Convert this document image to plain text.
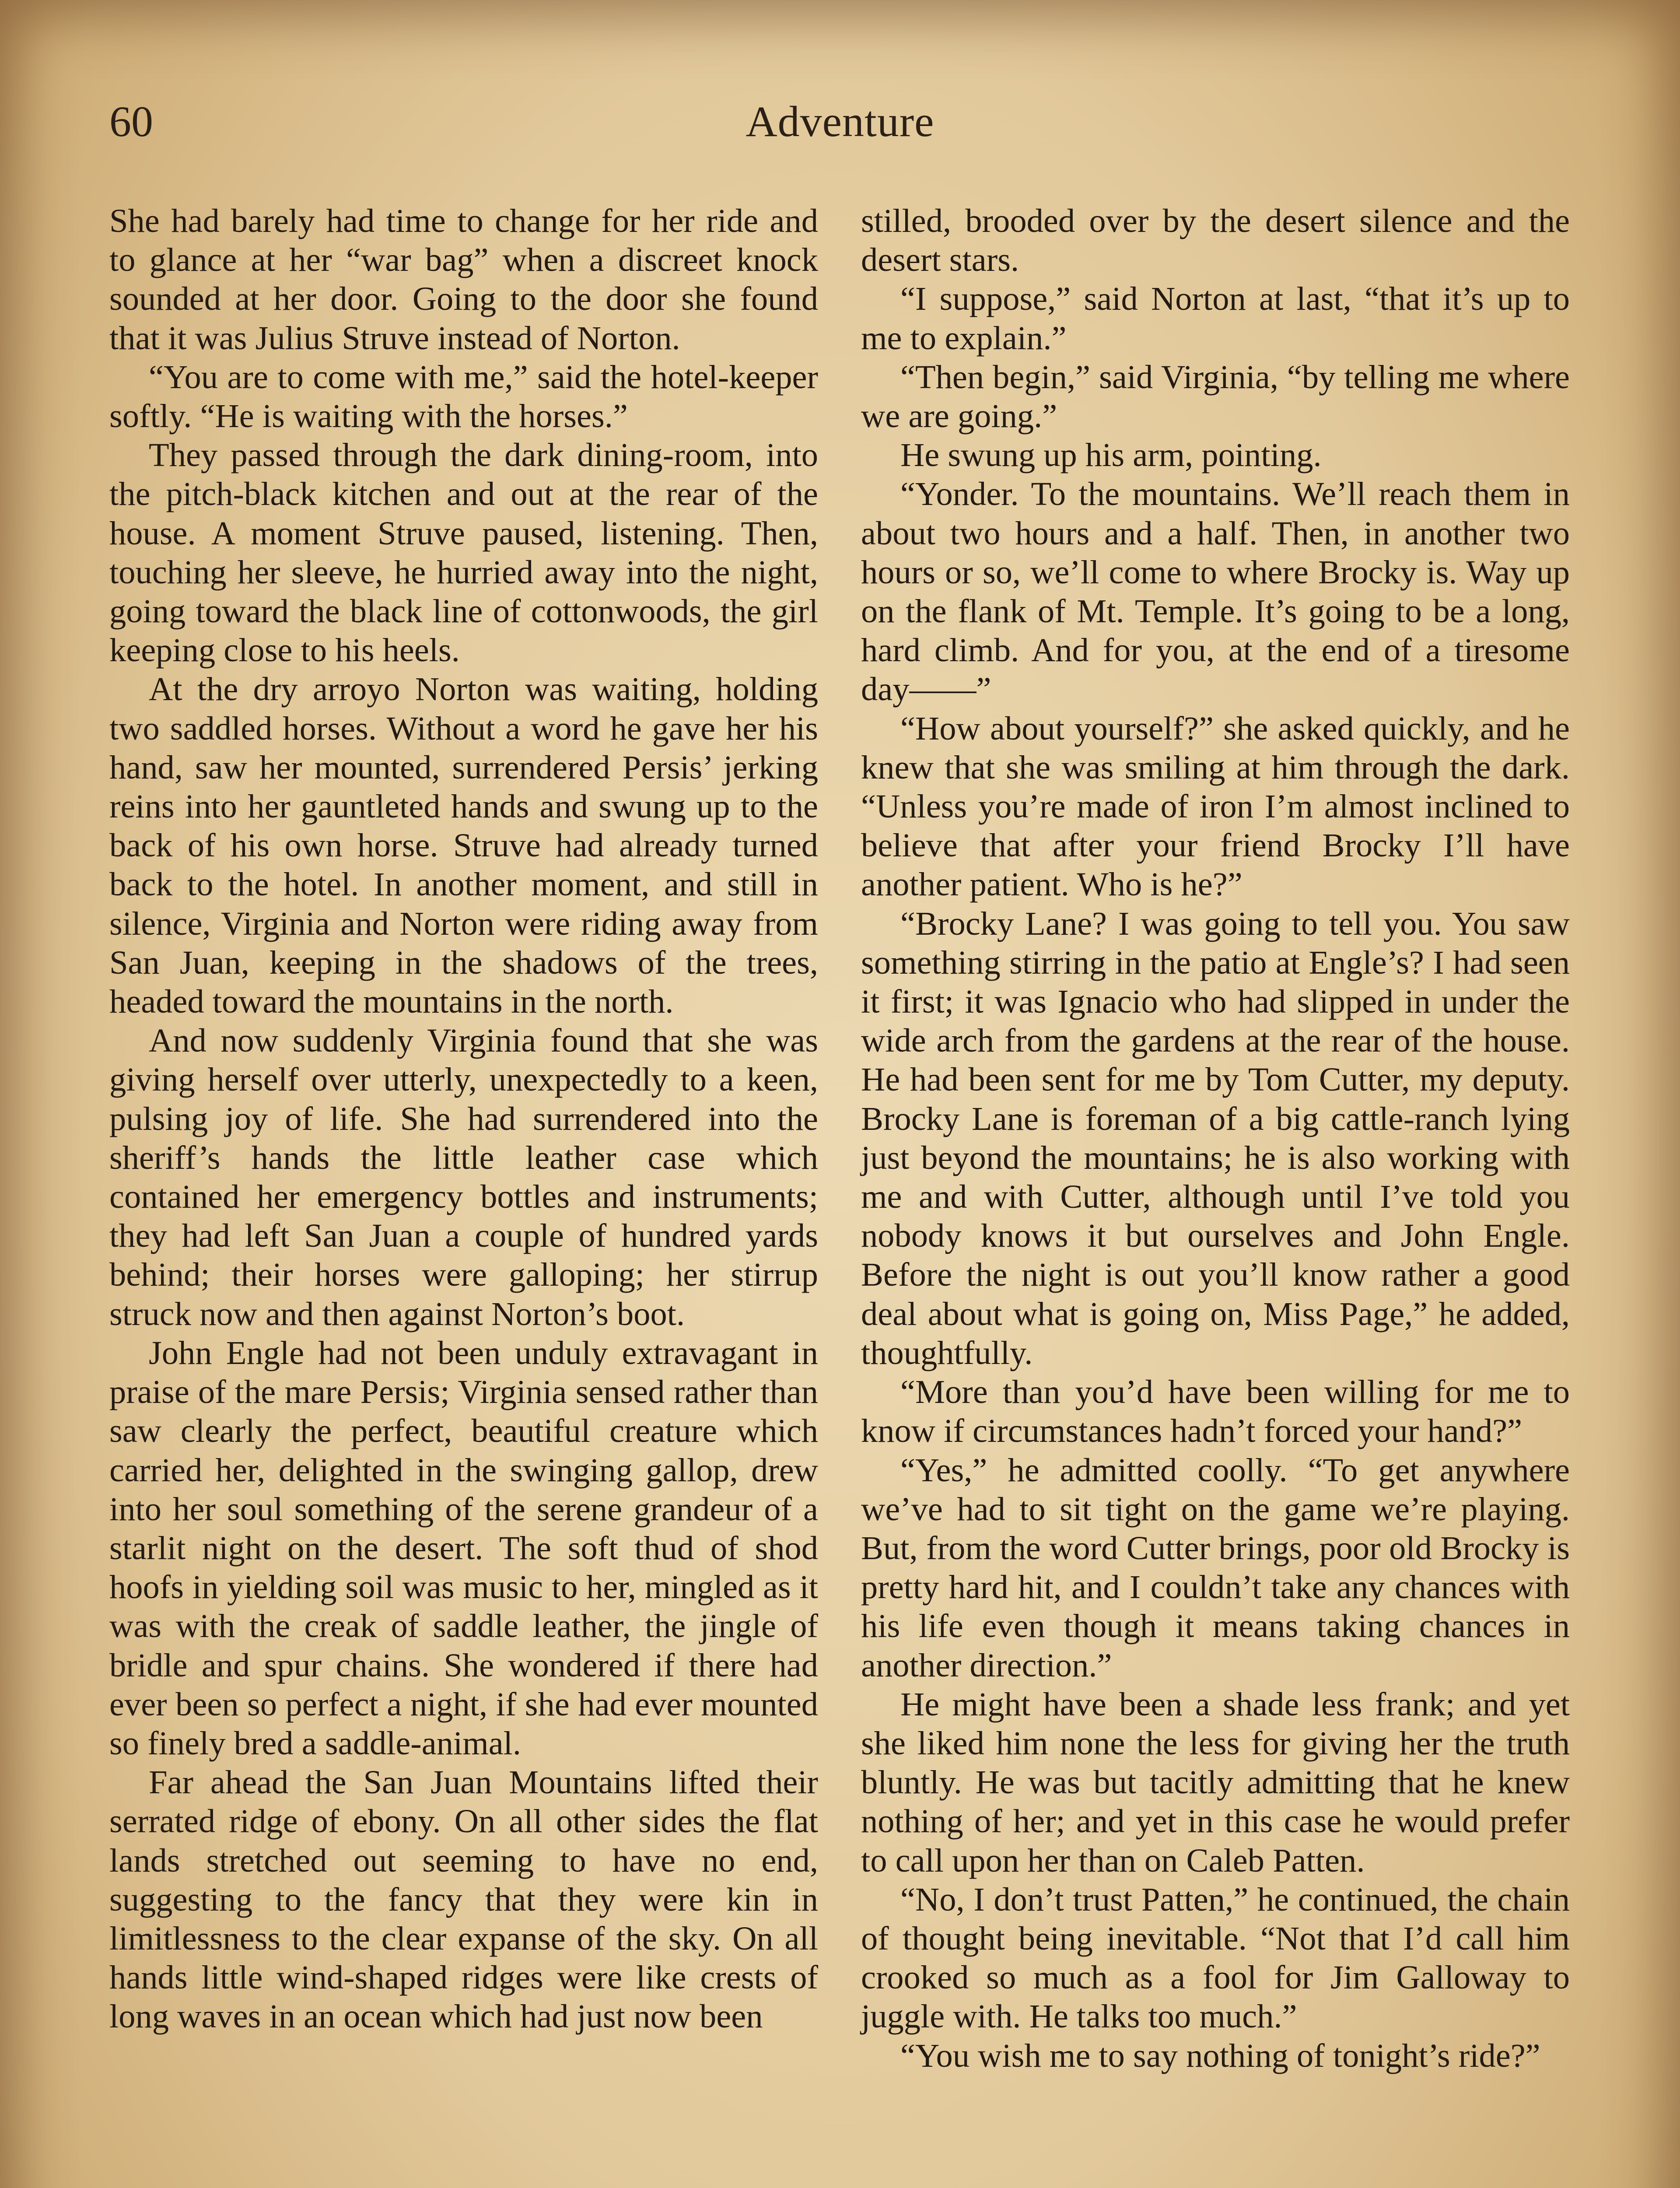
60	Adventure

She had barely had time to change for her ride and to glance at her “war bag” when a discreet knock sounded at her door. Going to the door she found that it was Julius Struve instead of Norton.

“You are to come with me,” said the hotel-keeper softly. “He is waiting with the horses.”

They passed through the dark dining-room, into the pitch-black kitchen and out at the rear of the house. A moment Struve paused, listening. Then, touching her sleeve, he hurried away into the night, going toward the black line of cottonwoods, the girl keeping close to his heels.

At the dry arroyo Norton was waiting, holding two saddled horses. Without a word he gave her his hand, saw her mounted, surrendered Persis’ jerking reins into her gauntleted hands and swung up to the back of his own horse. Struve had already turned back to the hotel. In another moment, and still in silence, Virginia and Norton were riding away from San Juan, keeping in the shadows of the trees, headed toward the mountains in the north.

And now suddenly Virginia found that she was giving herself over utterly, unexpectedly to a keen, pulsing joy of life. She had surrendered into the sheriff’s hands the little leather case which contained her emergency bottles and instruments; they had left San Juan a couple of hundred yards behind; their horses were galloping; her stirrup struck now and then against Norton’s boot.

John Engle had not been unduly extravagant in praise of the mare Persis; Virginia sensed rather than saw clearly the perfect, beautiful creature which carried her, delighted in the swinging gallop, drew into her soul something of the serene grandeur of a starlit night on the desert. The soft thud of shod hoofs in yielding soil was music to her, mingled as it was with the creak of saddle leather, the jingle of bridle and spur chains. She wondered if there had ever been so perfect a night, if she had ever mounted so finely bred a saddle-animal.

Far ahead the San Juan Mountains lifted their serrated ridge of ebony. On all other sides the flat lands stretched out seeming to have no end, suggesting to the fancy that they were kin in limitlessness to the clear expanse of the sky. On all hands little wind-shaped ridges were like crests of long waves in an ocean which had just now been

stilled, brooded over by the desert silence and the desert stars.

“I suppose,” said Norton at last, “that it’s up to me to explain.”

“Then begin,” said Virginia, “by telling me where we are going.”

He swung up his arm, pointing.

“Yonder. To the mountains. We’ll reach them in about two hours and a half. Then, in another two hours or so, we’ll come to where Brocky is. Way up on the flank of Mt. Temple. It’s going to be a long, hard climb. And for you, at the end of a tiresome day——”

“How about yourself?” she asked quickly, and he knew that she was smiling at him through the dark. “Unless you’re made of iron I’m almost inclined to believe that after your friend Brocky I’ll have another patient. Who is he?”

“Brocky Lane? I was going to tell you. You saw something stirring in the patio at Engle’s? I had seen it first; it was Ignacio who had slipped in under the wide arch from the gardens at the rear of the house. He had been sent for me by Tom Cutter, my deputy. Brocky Lane is foreman of a big cattle-ranch lying just beyond the mountains; he is also working with me and with Cutter, although until I’ve told you nobody knows it but ourselves and John Engle. Before the night is out you’ll know rather a good deal about what is going on, Miss Page,” he added, thoughtfully.

“More than you’d have been willing for me to know if circumstances hadn’t forced your hand?”

“Yes,” he admitted coolly. “To get anywhere we’ve had to sit tight on the game we’re playing. But, from the word Cutter brings, poor old Brocky is pretty hard hit, and I couldn’t take any chances with his life even though it means taking chances in another direction.”

He might have been a shade less frank; and yet she liked him none the less for giving her the truth bluntly. He was but tacitly admitting that he knew nothing of her; and yet in this case he would prefer to call upon her than on Caleb Patten.

“No, I don’t trust Patten,” he continued, the chain of thought being inevitable. “Not that I’d call him crooked so much as a fool for Jim Galloway to juggle with. He talks too much.”

“You wish me to say nothing of tonight’s ride?”
